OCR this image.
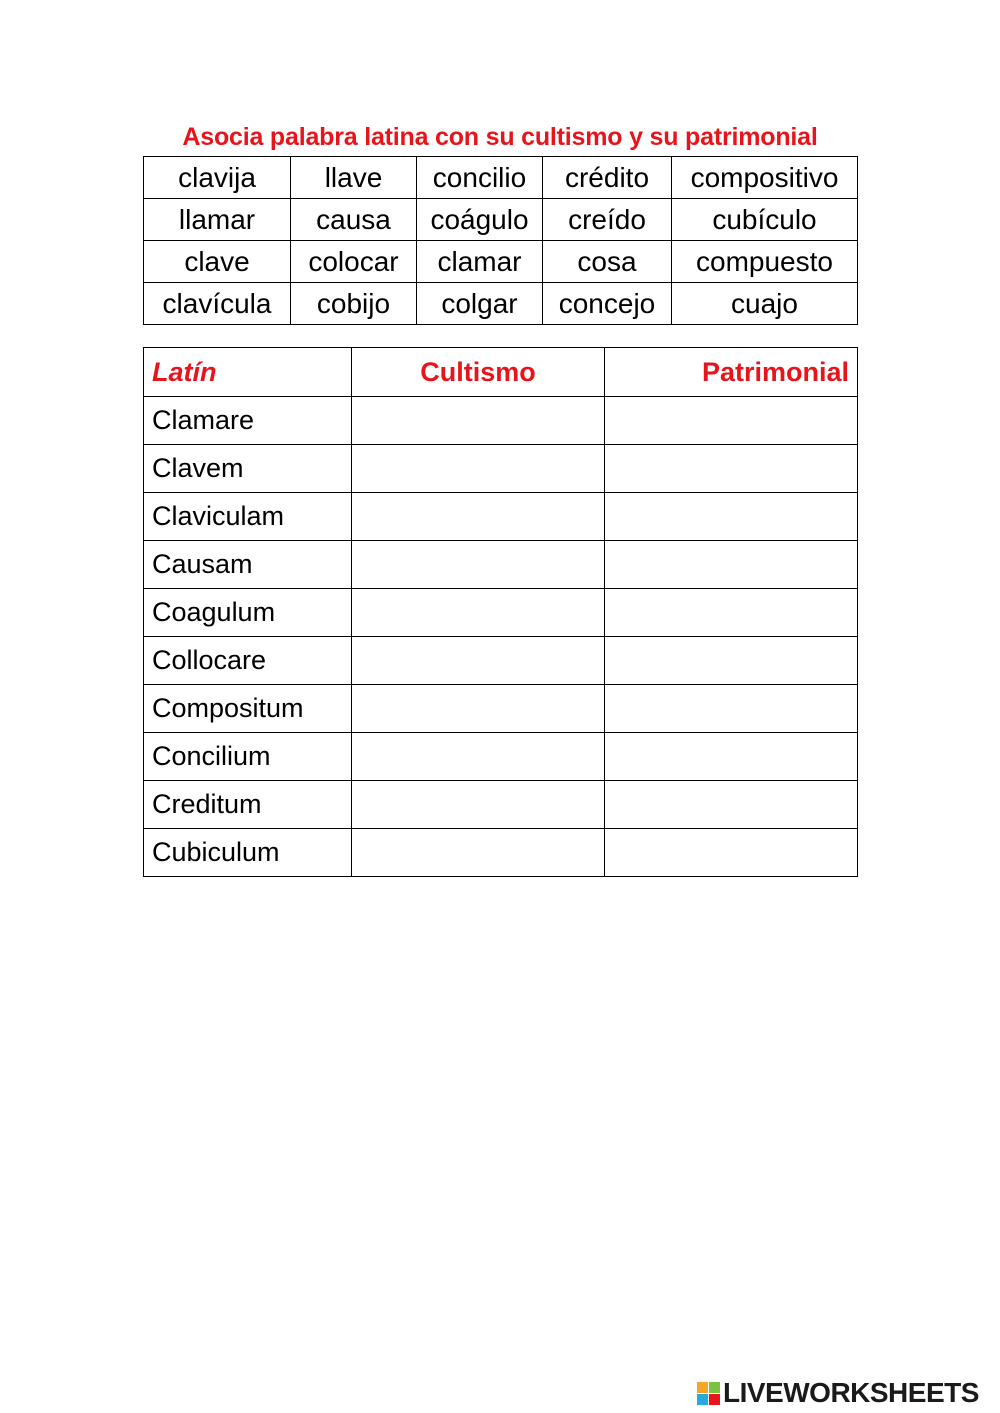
Asocia palabra latina con su cultismo y su patrimonial
clavija	llave	concilio	crédito	compositivo
llamar	causa	coágulo	creído	cubículo
clave	colocar	clamar	cosa	compuesto
clavícula	cobijo	colgar	concejo	cuajo
Latín	Cultismo	Patrimonial
Clamare		
Clavem		
Claviculam		
Causam		
Coagulum		
Collocare		
Compositum		
Concilium		
Creditum		
Cubiculum		
LIVEWORKSHEETS
